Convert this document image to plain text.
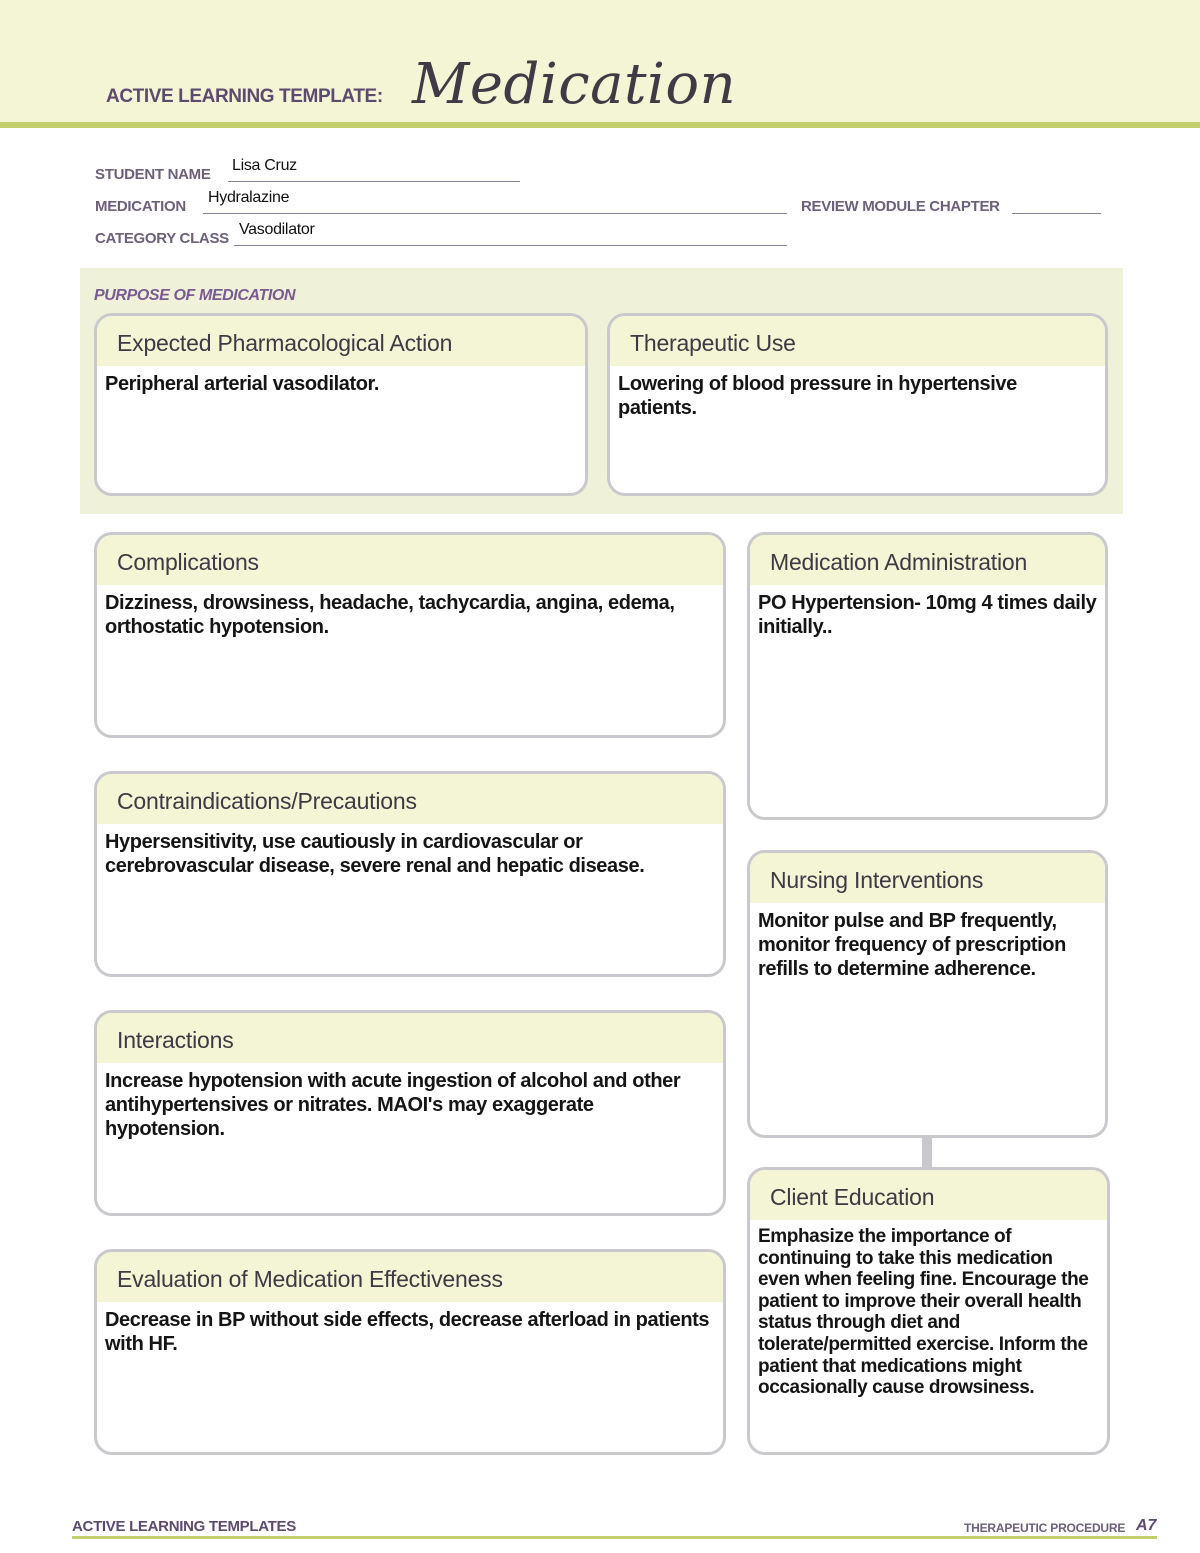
ACTIVE LEARNING TEMPLATE: Medication
STUDENT NAME
Lisa Cruz
MEDICATION
Hydralazine
REVIEW MODULE CHAPTER
CATEGORY CLASS
Vasodilator
PURPOSE OF MEDICATION
Expected Pharmacological Action
Peripheral arterial vasodilator.
Therapeutic Use
Lowering of blood pressure in hypertensive patients.
Complications
Dizziness, drowsiness, headache, tachycardia, angina, edema, orthostatic hypotension.
Contraindications/Precautions
Hypersensitivity, use cautiously in cardiovascular or cerebrovascular disease, severe renal and hepatic disease.
Interactions
Increase hypotension with acute ingestion of alcohol and other antihypertensives or nitrates. MAOI's may exaggerate hypotension.
Evaluation of Medication Effectiveness
Decrease in BP without side effects, decrease afterload in patients with HF.
Medication Administration
PO Hypertension- 10mg 4 times daily initially..
Nursing Interventions
Monitor pulse and BP frequently, monitor frequency of prescription refills to determine adherence.
Client Education
Emphasize the importance of continuing to take this medication even when feeling fine. Encourage the patient to improve their overall health status through diet and tolerate/permitted exercise. Inform the patient that medications might occasionally cause drowsiness.
ACTIVE LEARNING TEMPLATES	THERAPEUTIC PROCEDURE A7
